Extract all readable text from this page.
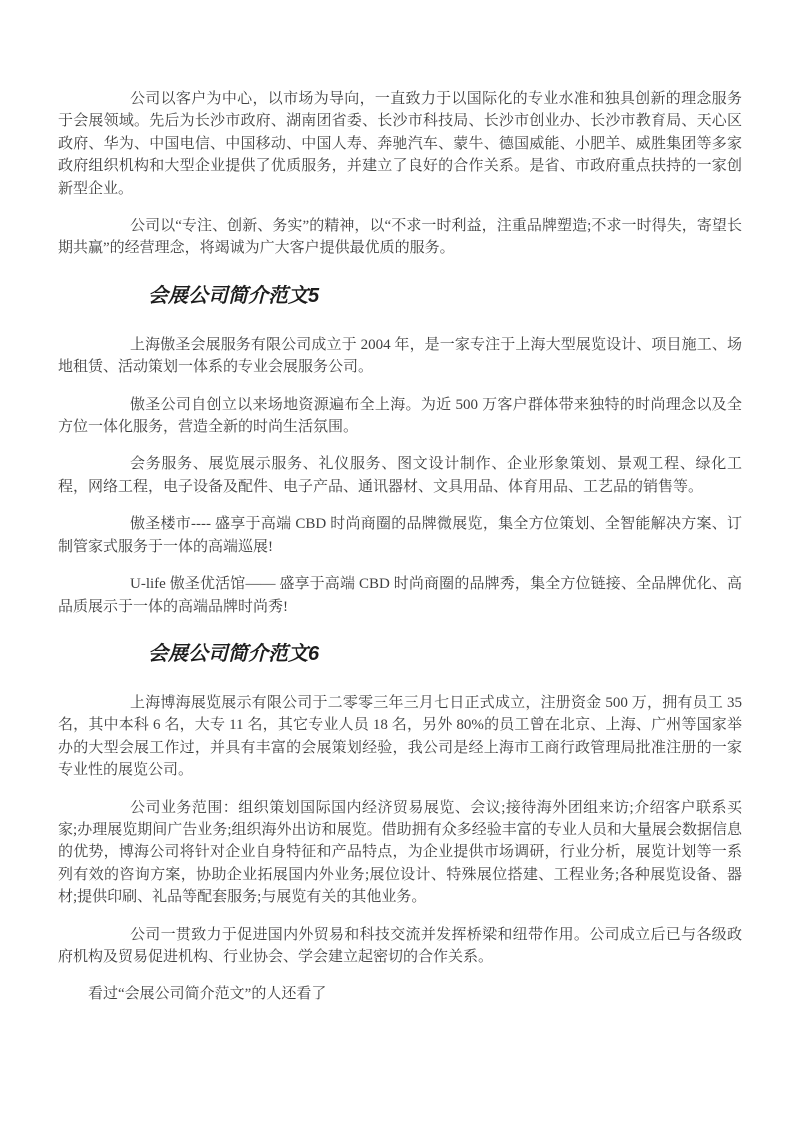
公司以客户为中心，以市场为导向，一直致力于以国际化的专业水准和独具创新的理念服务于会展领域。先后为长沙市政府、湖南团省委、长沙市科技局、长沙市创业办、长沙市教育局、天心区政府、华为、中国电信、中国移动、中国人寿、奔驰汽车、蒙牛、德国威能、小肥羊、威胜集团等多家政府组织机构和大型企业提供了优质服务，并建立了良好的合作关系。是省、市政府重点扶持的一家创新型企业。

公司以“专注、创新、务实”的精神，以“不求一时利益，注重品牌塑造;不求一时得失，寄望长期共赢”的经营理念，将竭诚为广大客户提供最优质的服务。

会展公司简介范文5

上海傲圣会展服务有限公司成立于 2004 年，是一家专注于上海大型展览设计、项目施工、场地租赁、活动策划一体系的专业会展服务公司。

傲圣公司自创立以来场地资源遍布全上海。为近 500 万客户群体带来独特的时尚理念以及全方位一体化服务，营造全新的时尚生活氛围。

会务服务、展览展示服务、礼仪服务、图文设计制作、企业形象策划、景观工程、绿化工程，网络工程，电子设备及配件、电子产品、通讯器材、文具用品、体育用品、工艺品的销售等。

傲圣楼市---- 盛享于高端 CBD 时尚商圈的品牌微展览，集全方位策划、全智能解决方案、订制管家式服务于一体的高端巡展!

U-life 傲圣优活馆—— 盛享于高端 CBD 时尚商圈的品牌秀，集全方位链接、全品牌优化、高品质展示于一体的高端品牌时尚秀!

会展公司简介范文6

上海博海展览展示有限公司于二零零三年三月七日正式成立，注册资金 500 万，拥有员工 35 名，其中本科 6 名，大专 11 名，其它专业人员 18 名，另外 80%的员工曾在北京、上海、广州等国家举办的大型会展工作过，并具有丰富的会展策划经验，我公司是经上海市工商行政管理局批准注册的一家专业性的展览公司。

公司业务范围：组织策划国际国内经济贸易展览、会议;接待海外团组来访;介绍客户联系买家;办理展览期间广告业务;组织海外出访和展览。借助拥有众多经验丰富的专业人员和大量展会数据信息的优势，博海公司将针对企业自身特征和产品特点，为企业提供市场调研，行业分析，展览计划等一系列有效的咨询方案，协助企业拓展国内外业务;展位设计、特殊展位搭建、工程业务;各种展览设备、器材;提供印刷、礼品等配套服务;与展览有关的其他业务。

公司一贯致力于促进国内外贸易和科技交流并发挥桥梁和纽带作用。公司成立后已与各级政府机构及贸易促进机构、行业协会、学会建立起密切的合作关系。

看过“会展公司简介范文”的人还看了
